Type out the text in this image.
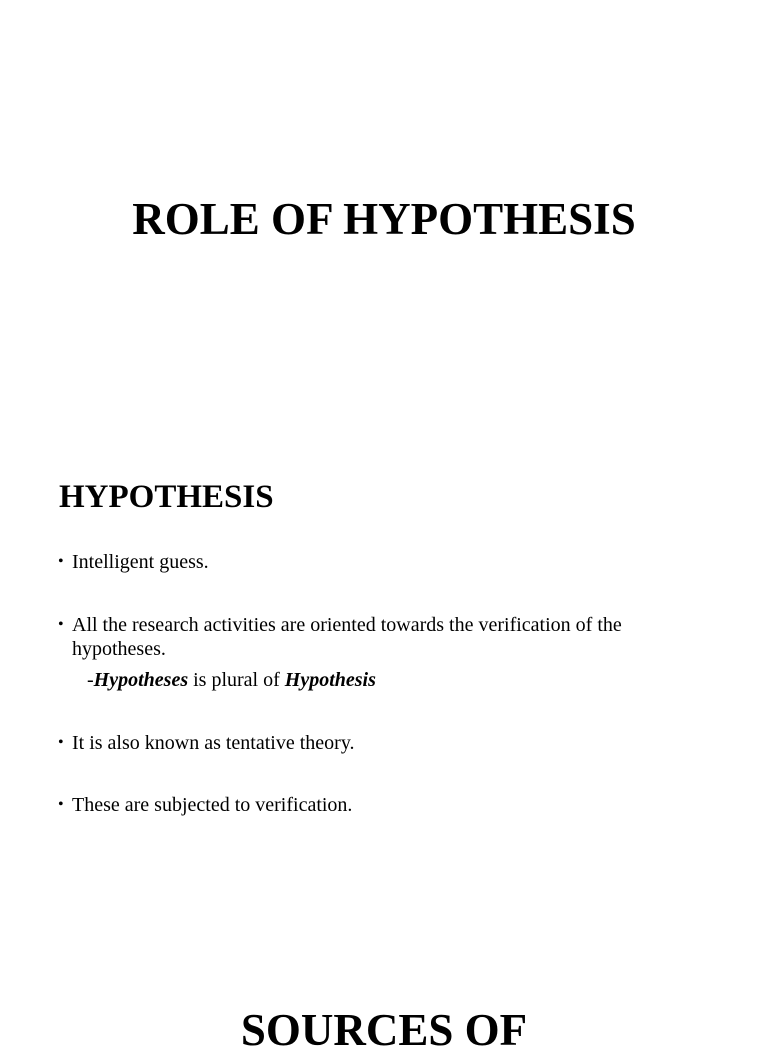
ROLE OF HYPOTHESIS
HYPOTHESIS
• Intelligent guess.
• All the research activities are oriented towards the verification of the hypotheses.
-Hypotheses is plural of Hypothesis
• It is also known as tentative theory.
• These are subjected to verification.
SOURCES OF
